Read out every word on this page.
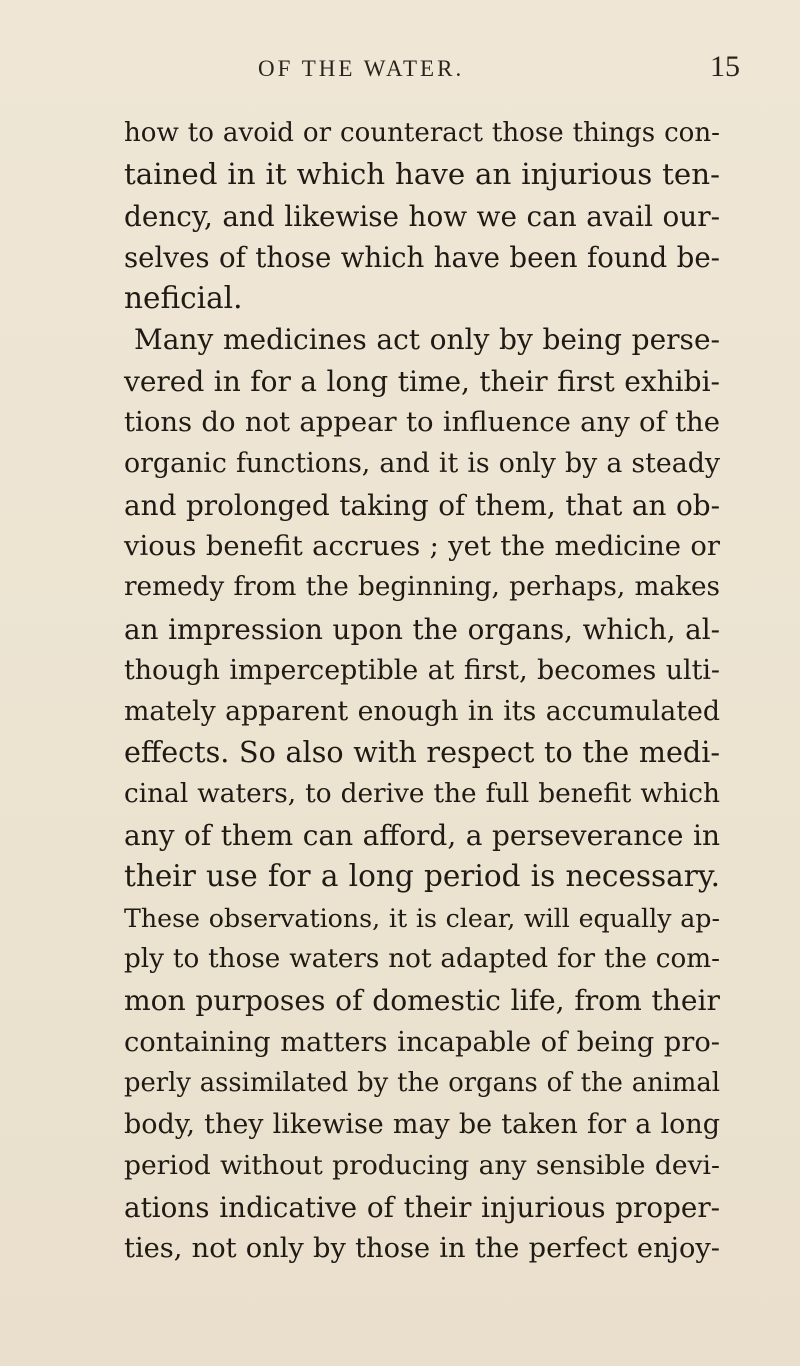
OF THE WATER.	15
how to avoid or counteract those things con-
tained in it which have an injurious ten-
dency, and likewise how we can avail our-
selves of those which have been found be-
neficial.
Many medicines act only by being perse-
vered in for a long time, their first exhibi-
tions do not appear to influence any of the
organic functions, and it is only by a steady
and prolonged taking of them, that an ob-
vious benefit accrues ; yet the medicine or
remedy from the beginning, perhaps, makes
an impression upon the organs, which, al-
though imperceptible at first, becomes ulti-
mately apparent enough in its accumulated
effects. So also with respect to the medi-
cinal waters, to derive the full benefit which
any of them can afford, a perseverance in
their use for a long period is necessary.
These observations, it is clear, will equally ap-
ply to those waters not adapted for the com-
mon purposes of domestic life, from their
containing matters incapable of being pro-
perly assimilated by the organs of the animal
body, they likewise may be taken for a long
period without producing any sensible devi-
ations indicative of their injurious proper-
ties, not only by those in the perfect enjoy-
